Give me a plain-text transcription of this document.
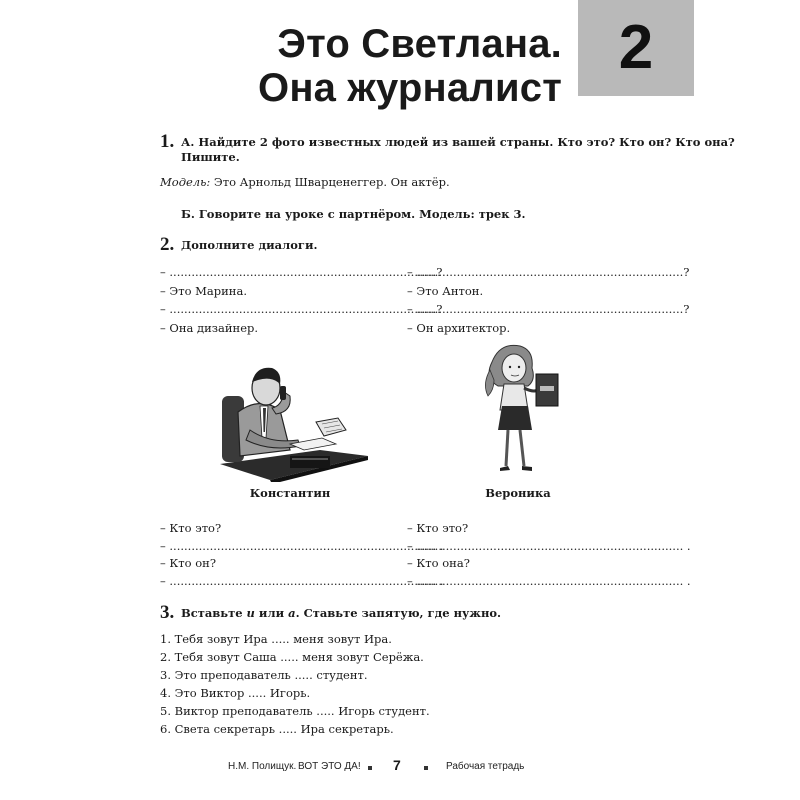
2
Это Светлана.
Она журналист
1. А. Найдите 2 фото известных людей из вашей страны. Кто это? Кто он? Кто она?
Пишите.
Модель: Это Арнольд Шварценеггер. Он актёр.
Б. Говорите на уроке с партнёром. Модель: трек 3.
2. Дополните диалоги.
– .........................................................................?
– Это Марина.
– .........................................................................?
– Она дизайнер.
– .........................................................................?
– Это Антон.
– .........................................................................?
– Он архитектор.
Константин	Вероника
– Кто это?
– ......................................................................... .
– Кто он?
– ......................................................................... .
– Кто это?
– ......................................................................... .
– Кто она?
– ......................................................................... .
3. Вставьте и или а. Ставьте запятую, где нужно.
1. Тебя зовут Ира ..... меня зовут Ира.
2. Тебя зовут Саша ..... меня зовут Серёжа.
3. Это преподаватель ..... студент.
4. Это Виктор ..... Игорь.
5. Виктор преподаватель ..... Игорь студент.
6. Света секретарь ..... Ира секретарь.
Н.М. Полищук. ВОТ ЭТО ДА! 7	Рабочая тетрадь
